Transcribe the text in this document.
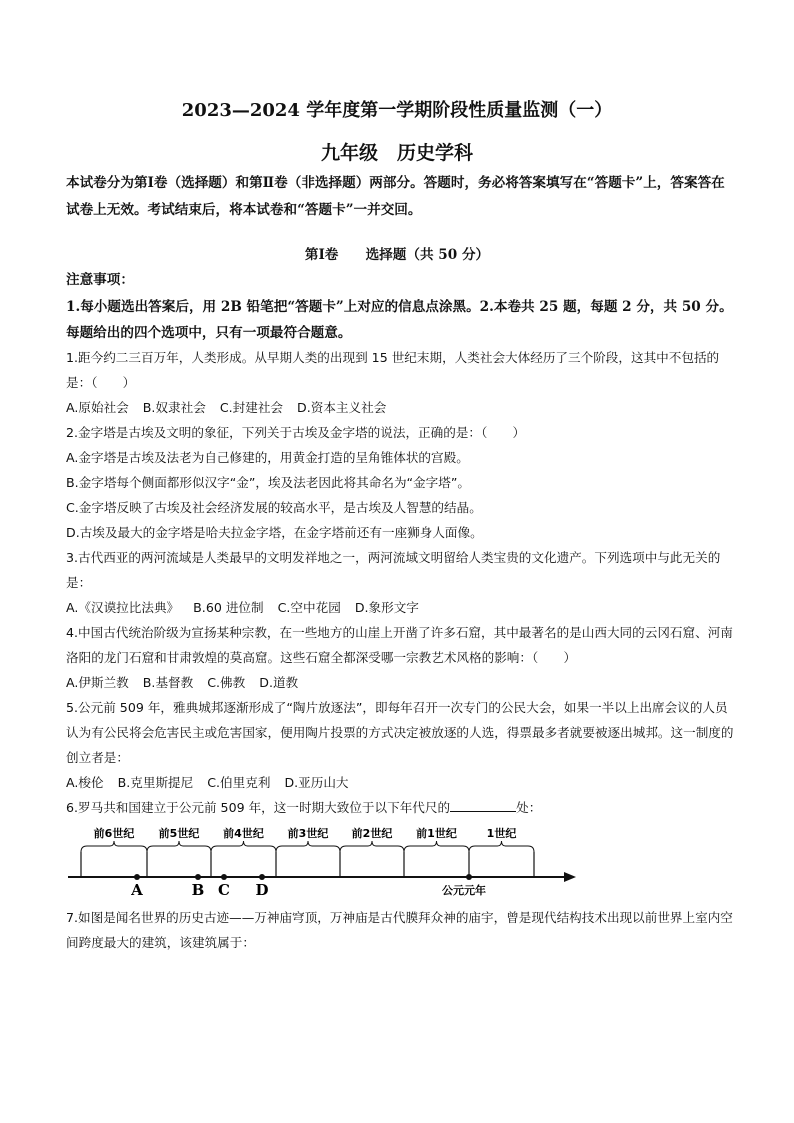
2023—2024 学年度第一学期阶段性质量监测（一）
九年级　历史学科
本试卷分为第Ⅰ卷（选择题）和第Ⅱ卷（非选择题）两部分。答题时，务必将答案填写在“答题卡”上，答案答在试卷上无效。考试结束后，将本试卷和“答题卡”一并交回。
第Ⅰ卷　　选择题（共 50 分）
注意事项：
1.每小题选出答案后，用 2B 铅笔把“答题卡”上对应的信息点涂黑。2.本卷共 25 题，每题 2 分，共 50 分。每题给出的四个选项中，只有一项最符合题意。
1.距今约二三百万年，人类形成。从早期人类的出现到 15 世纪末期，人类社会大体经历了三个阶段，这其中不包括的是：（　　）
A.原始社会 B.奴隶社会 C.封建社会 D.资本主义社会
2.金字塔是古埃及文明的象征，下列关于古埃及金字塔的说法，正确的是：（　　）
A.金字塔是古埃及法老为自己修建的，用黄金打造的呈角锥体状的宫殿。
B.金字塔每个侧面都形似汉字“金”，埃及法老因此将其命名为“金字塔”。
C.金字塔反映了古埃及社会经济发展的较高水平，是古埃及人智慧的结晶。
D.古埃及最大的金字塔是哈夫拉金字塔，在金字塔前还有一座狮身人面像。
3.古代西亚的两河流域是人类最早的文明发祥地之一，两河流域文明留给人类宝贵的文化遗产。下列选项中与此无关的是：
A.《汉谟拉比法典》 B.60 进位制 C.空中花园 D.象形文字
4.中国古代统治阶级为宣扬某种宗教，在一些地方的山崖上开凿了许多石窟，其中最著名的是山西大同的云冈石窟、河南洛阳的龙门石窟和甘肃敦煌的莫高窟。这些石窟全都深受哪一宗教艺术风格的影响：（　　）
A.伊斯兰教 B.基督教 C.佛教 D.道教
5.公元前 509 年，雅典城邦逐渐形成了“陶片放逐法”，即每年召开一次专门的公民大会，如果一半以上出席会议的人员认为有公民将会危害民主或危害国家，便用陶片投票的方式决定被放逐的人选，得票最多者就要被逐出城邦。这一制度的创立者是：
A.梭伦 B.克里斯提尼 C.伯里克利 D.亚历山大
6.罗马共和国建立于公元前 509 年，这一时期大致位于以下年代尺的	处：
前6世纪 前5世纪 前4世纪 前3世纪 前2世纪 前1世纪	1世纪
A	B C D	公元元年
7.如图是闻名世界的历史古迹——万神庙穹顶，万神庙是古代膜拜众神的庙宇，曾是现代结构技术出现以前世界上室内空间跨度最大的建筑，该建筑属于：
